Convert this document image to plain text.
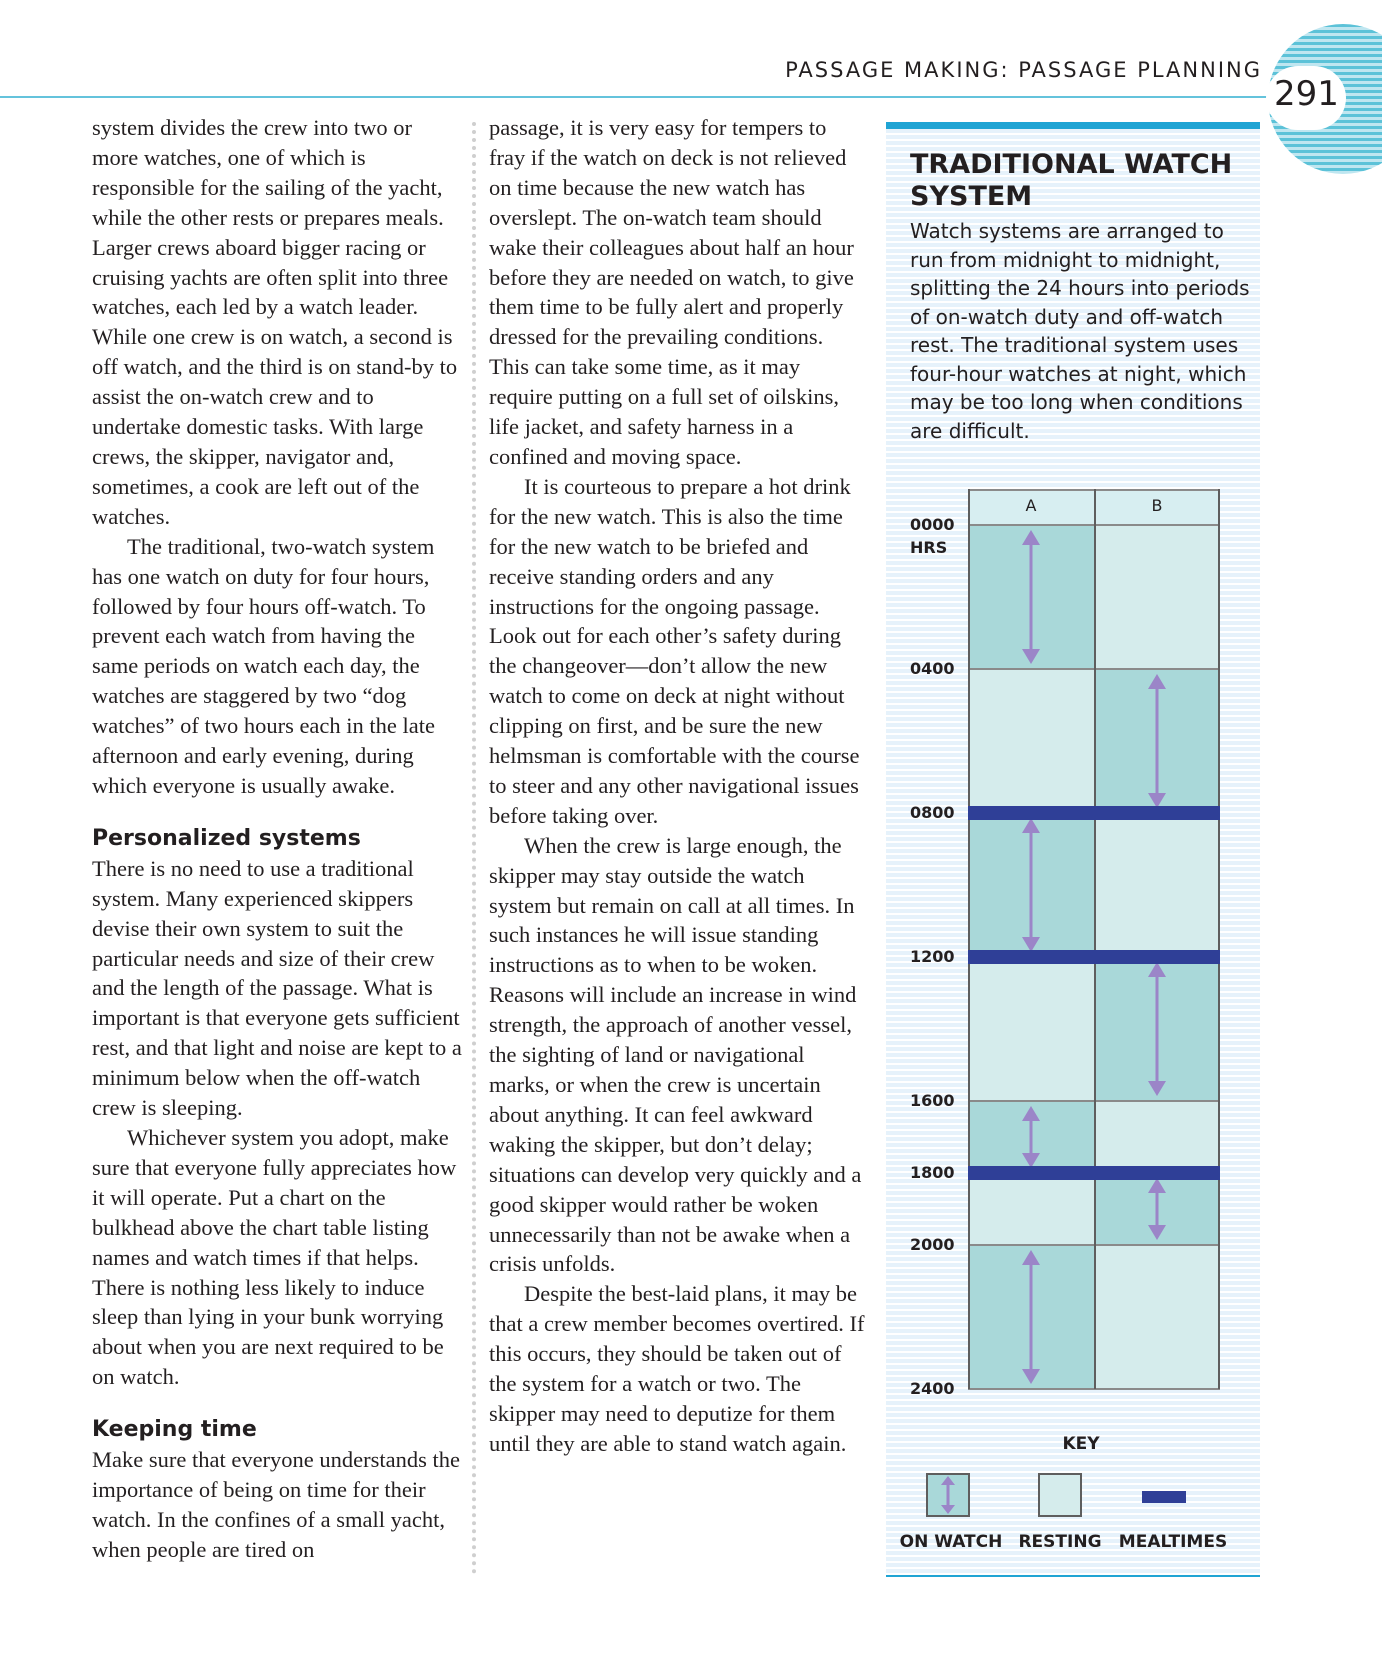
PASSAGE MAKING: PASSAGE PLANNING
291

system divides the crew into two or more watches, one of which is responsible for the sailing of the yacht, while the other rests or prepares meals. Larger crews aboard bigger racing or cruising yachts are often split into three watches, each led by a watch leader. While one crew is on watch, a second is off watch, and the third is on stand-by to assist the on-watch crew and to undertake domestic tasks. With large crews, the skipper, navigator and, sometimes, a cook are left out of the watches.

The traditional, two-watch system has one watch on duty for four hours, followed by four hours off-watch. To prevent each watch from having the same periods on watch each day, the watches are staggered by two “dog watches” of two hours each in the late afternoon and early evening, during which everyone is usually awake.

Personalized systems

There is no need to use a traditional system. Many experienced skippers devise their own system to suit the particular needs and size of their crew and the length of the passage. What is important is that everyone gets sufficient rest, and that light and noise are kept to a minimum below when the off-watch crew is sleeping.

Whichever system you adopt, make sure that everyone fully appreciates how it will operate. Put a chart on the bulkhead above the chart table listing names and watch times if that helps. There is nothing less likely to induce sleep than lying in your bunk worrying about when you are next required to be on watch.

Keeping time

Make sure that everyone understands the importance of being on time for their watch. In the confines of a small yacht, when people are tired on

passage, it is very easy for tempers to fray if the watch on deck is not relieved on time because the new watch has overslept. The on-watch team should wake their colleagues about half an hour before they are needed on watch, to give them time to be fully alert and properly dressed for the prevailing conditions. This can take some time, as it may require putting on a full set of oilskins, life jacket, and safety harness in a confined and moving space.

It is courteous to prepare a hot drink for the new watch. This is also the time for the new watch to be briefed and receive standing orders and any instructions for the ongoing passage. Look out for each other’s safety during the changeover—don’t allow the new watch to come on deck at night without clipping on first, and be sure the new helmsman is comfortable with the course to steer and any other navigational issues before taking over.

When the crew is large enough, the skipper may stay outside the watch system but remain on call at all times. In such instances he will issue standing instructions as to when to be woken. Reasons will include an increase in wind strength, the approach of another vessel, the sighting of land or navigational marks, or when the crew is uncertain about anything. It can feel awkward waking the skipper, but don’t delay; situations can develop very quickly and a good skipper would rather be woken unnecessarily than not be awake when a crisis unfolds.

Despite the best-laid plans, it may be that a crew member becomes overtired. If this occurs, they should be taken out of the system for a watch or two. The skipper may need to deputize for them until they are able to stand watch again.

TRADITIONAL WATCH SYSTEM
Watch systems are arranged to run from midnight to midnight, splitting the 24 hours into periods of on-watch duty and off-watch rest. The traditional system uses four-hour watches at night, which may be too long when conditions are difficult.
A	B
0000
HRS
0400
0800
1200
1600
1800
2000
2400
KEY
ON WATCH RESTING	MEALTIMES
